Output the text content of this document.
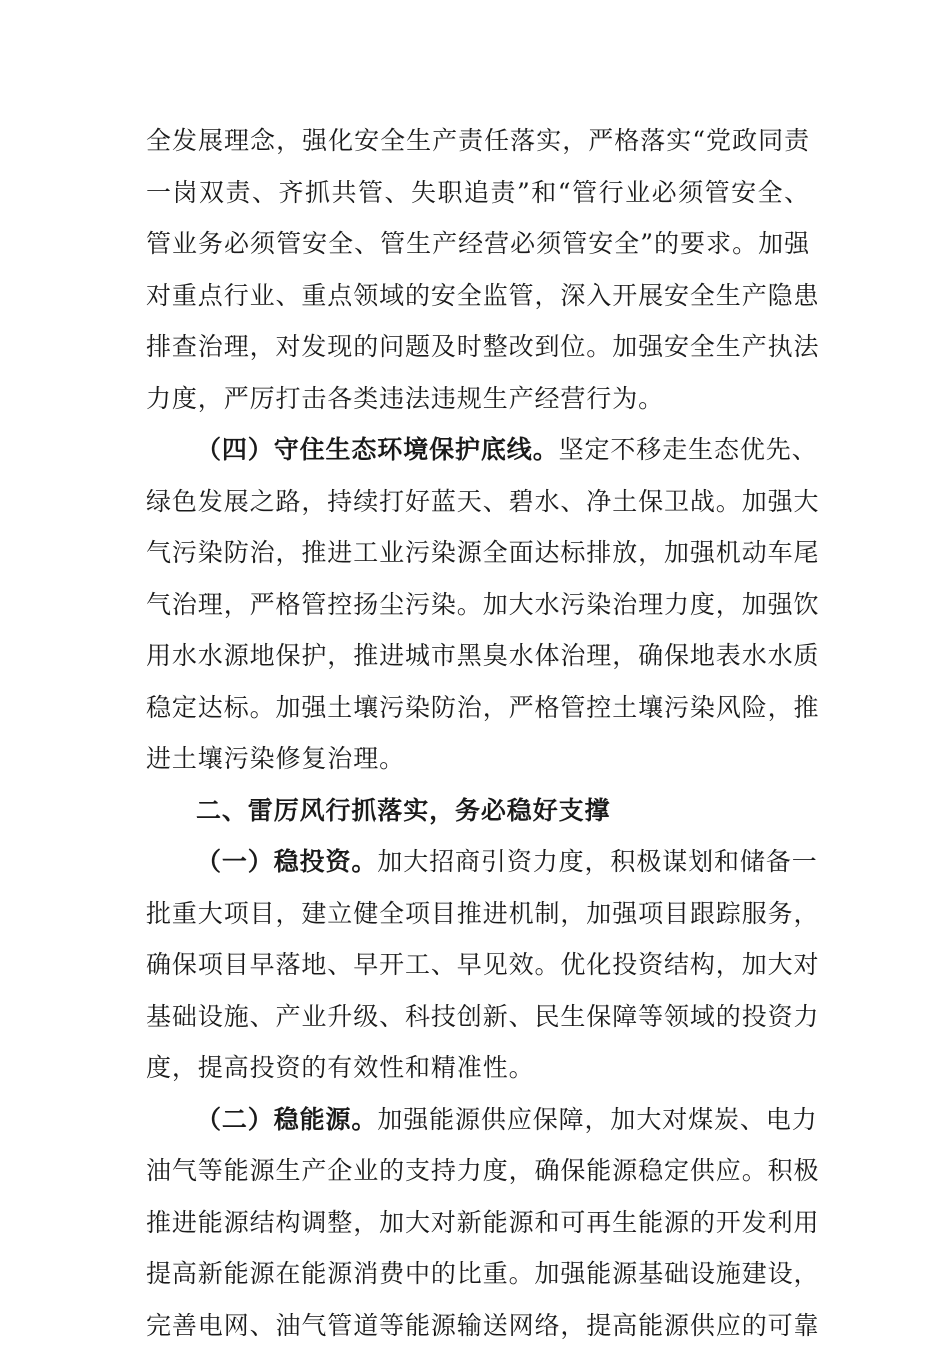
全发展理念，强化安全生产责任落实，严格落实“党政同责
一岗双责、齐抓共管、失职追责”和“管行业必须管安全、
管业务必须管安全、管生产经营必须管安全”的要求。加强
对重点行业、重点领域的安全监管，深入开展安全生产隐患
排查治理，对发现的问题及时整改到位。加强安全生产执法
力度，严厉打击各类违法违规生产经营行为。
（四）守住生态环境保护底线。坚定不移走生态优先、
绿色发展之路，持续打好蓝天、碧水、净土保卫战。加强大
气污染防治，推进工业污染源全面达标排放，加强机动车尾
气治理，严格管控扬尘污染。加大水污染治理力度，加强饮
用水水源地保护，推进城市黑臭水体治理，确保地表水水质
稳定达标。加强土壤污染防治，严格管控土壤污染风险，推
进土壤污染修复治理。
二、雷厉风行抓落实，务必稳好支撑
（一）稳投资。加大招商引资力度，积极谋划和储备一
批重大项目，建立健全项目推进机制，加强项目跟踪服务，
确保项目早落地、早开工、早见效。优化投资结构，加大对
基础设施、产业升级、科技创新、民生保障等领域的投资力
度，提高投资的有效性和精准性。
（二）稳能源。加强能源供应保障，加大对煤炭、电力
油气等能源生产企业的支持力度，确保能源稳定供应。积极
推进能源结构调整，加大对新能源和可再生能源的开发利用
提高新能源在能源消费中的比重。加强能源基础设施建设，
完善电网、油气管道等能源输送网络，提高能源供应的可靠
